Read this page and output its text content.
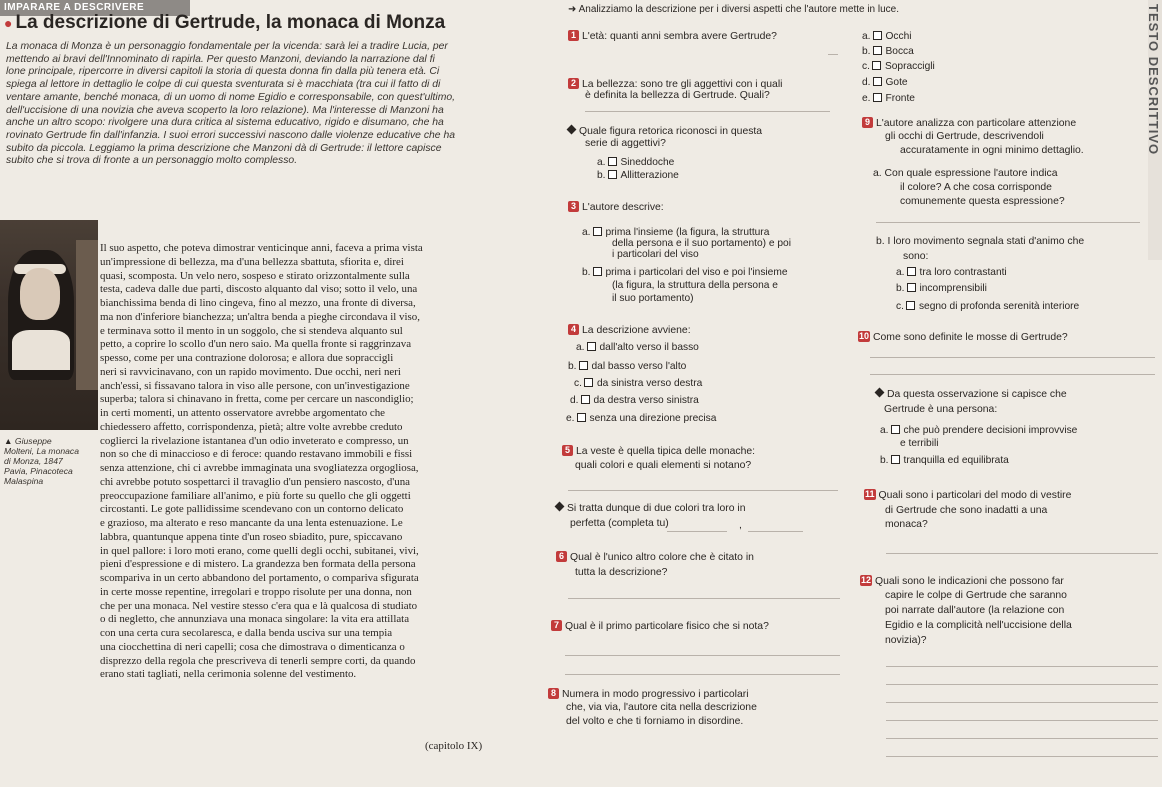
IMPARARE A DESCRIVERE
● La descrizione di Gertrude, la monaca di Monza

La monaca di Monza è un personaggio fondamentale per la vicenda: sarà lei a tradire Lucia, per

mettendo ai bravi dell'Innominato di rapirla. Per questo Manzoni, deviando la narrazione dal fi

lone principale, ripercorre in diversi capitoli la storia di questa donna fin dalla più tenera età. Ci

spiega al lettore in dettaglio le colpe di cui questa sventurata si è macchiata (tra cui il fatto di di

ventare amante, benché monaca, di un uomo di nome Egidio e corresponsabile, con quest'ultimo,

dell'uccisione di una novizia che aveva scoperto la loro relazione). Ma l'interesse di Manzoni ha

anche un altro scopo: rivolgere una dura critica al sistema educativo, rigido e disumano, che ha

rovinato Gertrude fin dall'infanzia. I suoi errori successivi nascono dalle violenze educative che ha

subito da piccola. Leggiamo la prima descrizione che Manzoni dà di Gertrude: il lettore capisce

subito che si trova di fronte a un personaggio molto complesso.

▲ Giuseppe

Molteni, La monaca

di Monza, 1847

Pavia, Pinacoteca

Malaspina

Il suo aspetto, che poteva dimostrar venticinque anni, faceva a prima vista

un'impressione di bellezza, ma d'una bellezza sbattuta, sfiorita e, direi

quasi, scomposta. Un velo nero, sospeso e stirato orizzontalmente sulla

testa, cadeva dalle due parti, discosto alquanto dal viso; sotto il velo, una

bianchissima benda di lino cingeva, fino al mezzo, una fronte di diversa,

ma non d'inferiore bianchezza; un'altra benda a pieghe circondava il viso,

e terminava sotto il mento in un soggolo, che si stendeva alquanto sul

petto, a coprire lo scollo d'un nero saio. Ma quella fronte si raggrinzava

spesso, come per una contrazione dolorosa; e allora due sopraccigli

neri si ravvicinavano, con un rapido movimento. Due occhi, neri neri

anch'essi, si fissavano talora in viso alle persone, con un'investigazione

superba; talora si chinavano in fretta, come per cercare un nascondiglio;

in certi momenti, un attento osservatore avrebbe argomentato che

chiedessero affetto, corrispondenza, pietà; altre volte avrebbe creduto

coglierci la rivelazione istantanea d'un odio inveterato e compresso, un

non so che di minaccioso e di feroce: quando restavano immobili e fissi

senza attenzione, chi ci avrebbe immaginata una svogliatezza orgogliosa,

chi avrebbe potuto sospettarci il travaglio d'un pensiero nascosto, d'una

preoccupazione familiare all'animo, e più forte su quello che gli oggetti

circostanti. Le gote pallidissime scendevano con un contorno delicato

e grazioso, ma alterato e reso mancante da una lenta estenuazione. Le

labbra, quantunque appena tinte d'un roseo sbiadito, pure, spiccavano

in quel pallore: i loro moti erano, come quelli degli occhi, subitanei, vivi,

pieni d'espressione e di mistero. La grandezza ben formata della persona

scompariva in un certo abbandono del portamento, o compariva sfigurata

in certe mosse repentine, irregolari e troppo risolute per una donna, non

che per una monaca. Nel vestire stesso c'era qua e là qualcosa di studiato

o di negletto, che annunziava una monaca singolare: la vita era attillata

con una certa cura secolaresca, e dalla benda usciva sur una tempia

una ciocchettina di neri capelli; cosa che dimostrava o dimenticanza o

disprezzo della regola che prescriveva di tenerli sempre corti, da quando

erano stati tagliati, nella cerimonia solenne del vestimento.

(capitolo IX)
➜ Analizziamo la descrizione per i diversi aspetti che l'autore mette in luce.	TESTO DESCRITTIVO
1 L'età: quanti anni sembra avere Gertrude?
2 La bellezza: sono tre gli aggettivi con i quali
è definita la bellezza di Gertrude. Quali?
Quale figura retorica riconosci in questa
serie di aggettivi?
a. Sineddoche
b. Allitterazione
3 L'autore descrive:
a. prima l'insieme (la figura, la struttura
della persona e il suo portamento) e poi
i particolari del viso
b. prima i particolari del viso e poi l'insieme
(la figura, la struttura della persona e
il suo portamento)
4 La descrizione avviene:
a. dall'alto verso il basso
b. dal basso verso l'alto
c. da sinistra verso destra
d. da destra verso sinistra
e. senza una direzione precisa
5 La veste è quella tipica delle monache:
quali colori e quali elementi si notano?
Si tratta dunque di due colori tra loro in
perfetta (completa tu)	,
6 Qual è l'unico altro colore che è citato in
tutta la descrizione?
7 Qual è il primo particolare fisico che si nota?
8 Numera in modo progressivo i particolari
che, via via, l'autore cita nella descrizione
del volto e che ti forniamo in disordine.
a. Occhi
b. Bocca
c. Sopraccigli
d. Gote
e. Fronte
9 L'autore analizza con particolare attenzione
gli occhi di Gertrude, descrivendoli
accuratamente in ogni minimo dettaglio.
a. Con quale espressione l'autore indica
il colore? A che cosa corrisponde
comunemente questa espressione?
b. I loro movimento segnala stati d'animo che
sono:
a. tra loro contrastanti
b. incomprensibili
c. segno di profonda serenità interiore
10 Come sono definite le mosse di Gertrude?
Da questa osservazione si capisce che
Gertrude è una persona:
a. che può prendere decisioni improvvise
e terribili
b. tranquilla ed equilibrata
11 Quali sono i particolari del modo di vestire
di Gertrude che sono inadatti a una
monaca?
12 Quali sono le indicazioni che possono far
capire le colpe di Gertrude che saranno
poi narrate dall'autore (la relazione con
Egidio e la complicità nell'uccisione della
novizia)?
